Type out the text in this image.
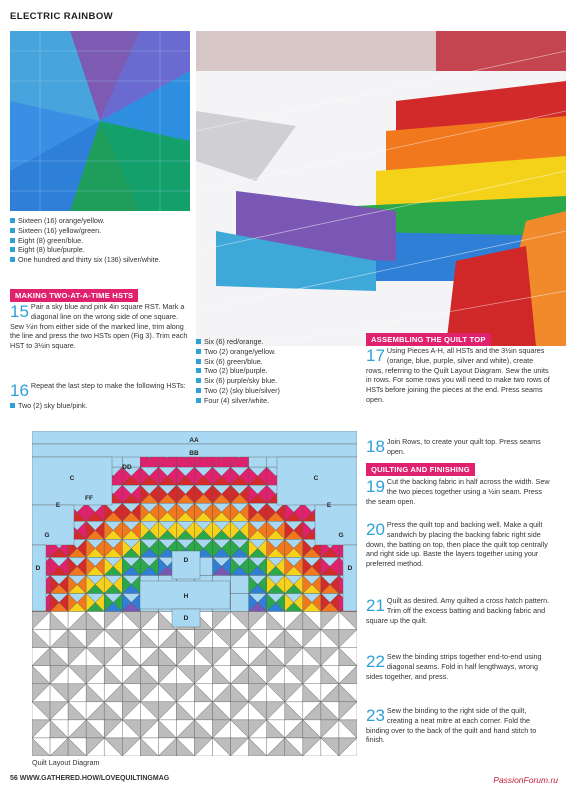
ELECTRIC RAINBOW
Sixteen (16) orange/yellow.
Sixteen (16) yellow/green.
Eight (8) green/blue.
Eight (8) blue/purple.
One hundred and thirty six (136) silver/white.
MAKING TWO-AT-A-TIME HSTS
15 Pair a sky blue and pink 4in square RST. Mark a diagonal line on the wrong side of one square. Sew ¼in from either side of the marked line, trim along the line and press the two HSTs open (Fig 3). Trim each HST to 3½in square.
16 Repeat the last step to make the following HSTs:
Two (2) sky blue/pink.
Six (6) red/orange.
Two (2) orange/yellow.
Six (6) green/blue.
Two (2) blue/purple.
Six (6) purple/sky blue.
Two (2) (sky blue/silver)
Four (4) silver/white.
ASSEMBLING THE QUILT TOP
17 Using Pieces A-H, all HSTs and the 3½in squares (orange, blue, purple, silver and white), create rows, referring to the Quilt Layout Diagram. Sew the units in rows. For some rows you will need to make two rows of HSTs before joining the pieces at the end. Press seams open.
18 Join Rows, to create your quilt top. Press seams open.
QUILTING AND FINISHING
19 Cut the backing fabric in half across the width. Sew the two pieces together using a ½in seam. Press the seam open.
20 Press the quilt top and backing well. Make a quilt sandwich by placing the backing fabric right side down, the batting on top, then place the quilt top centrally and right side up. Baste the layers together using your preferred method.
21 Quilt as desired. Amy quilted a cross hatch pattern. Trim off the excess batting and backing fabric and square up the quilt.
22 Sew the binding strips together end-to-end using diagonal seams. Fold in half lengthways, wrong sides together, and press.
23 Sew the binding to the right side of the quilt, creating a neat mitre at each corner. Fold the binding over to the back of the quilt and hand stitch to finish.
AA
BB
C
DD
C
FF
E	E
G	G
D	D
D
H
D
Quilt Layout Diagram
56 WWW.GATHERED.HOW/LOVEQUILTINGMAG	PassionForum.ru
